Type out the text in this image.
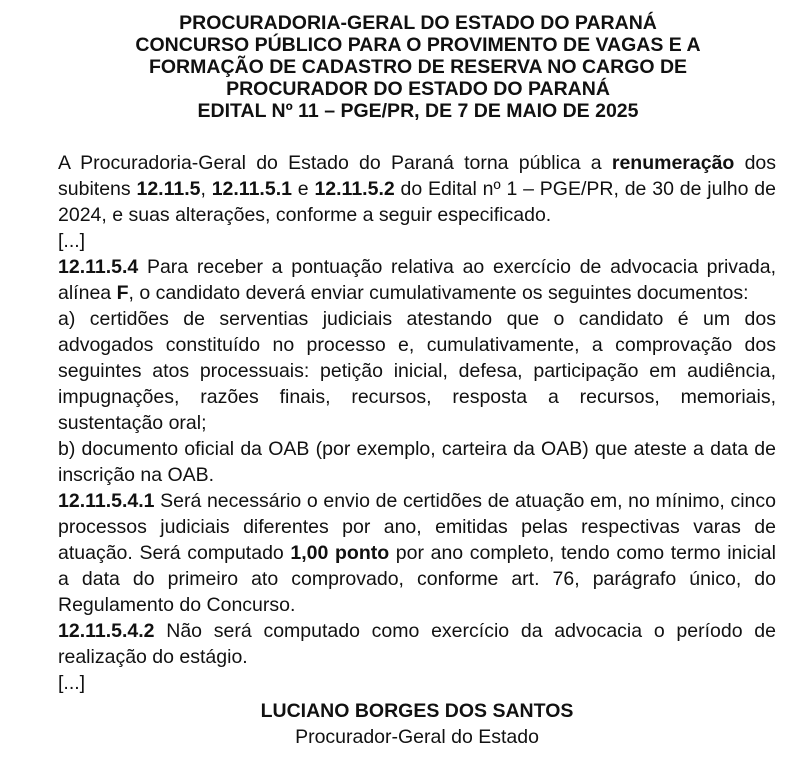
PROCURADORIA-GERAL DO ESTADO DO PARANÁ
CONCURSO PÚBLICO PARA O PROVIMENTO DE VAGAS E A
FORMAÇÃO DE CADASTRO DE RESERVA NO CARGO DE
PROCURADOR DO ESTADO DO PARANÁ
EDITAL Nº 11 – PGE/PR, DE 7 DE MAIO DE 2025

A Procuradoria-Geral do Estado do Paraná torna pública a renumeração dos subitens 12.11.5, 12.11.5.1 e 12.11.5.2 do Edital nº 1 – PGE/PR, de 30 de julho de 2024, e suas alterações, conforme a seguir especificado.

[...]

12.11.5.4 Para receber a pontuação relativa ao exercício de advocacia privada, alínea F, o candidato deverá enviar cumulativamente os seguintes documentos:

a) certidões de serventias judiciais atestando que o candidato é um dos advogados constituído no processo e, cumulativamente, a comprovação dos seguintes atos processuais: petição inicial, defesa, participação em audiência, impugnações, razões finais, recursos, resposta a recursos, memoriais, sustentação oral;

b) documento oficial da OAB (por exemplo, carteira da OAB) que ateste a data de inscrição na OAB.

12.11.5.4.1 Será necessário o envio de certidões de atuação em, no mínimo, cinco processos judiciais diferentes por ano, emitidas pelas respectivas varas de atuação. Será computado 1,00 ponto por ano completo, tendo como termo inicial a data do primeiro ato comprovado, conforme art. 76, parágrafo único, do Regulamento do Concurso.

12.11.5.4.2 Não será computado como exercício da advocacia o período de realização do estágio.

[...]

LUCIANO BORGES DOS SANTOS
Procurador-Geral do Estado
